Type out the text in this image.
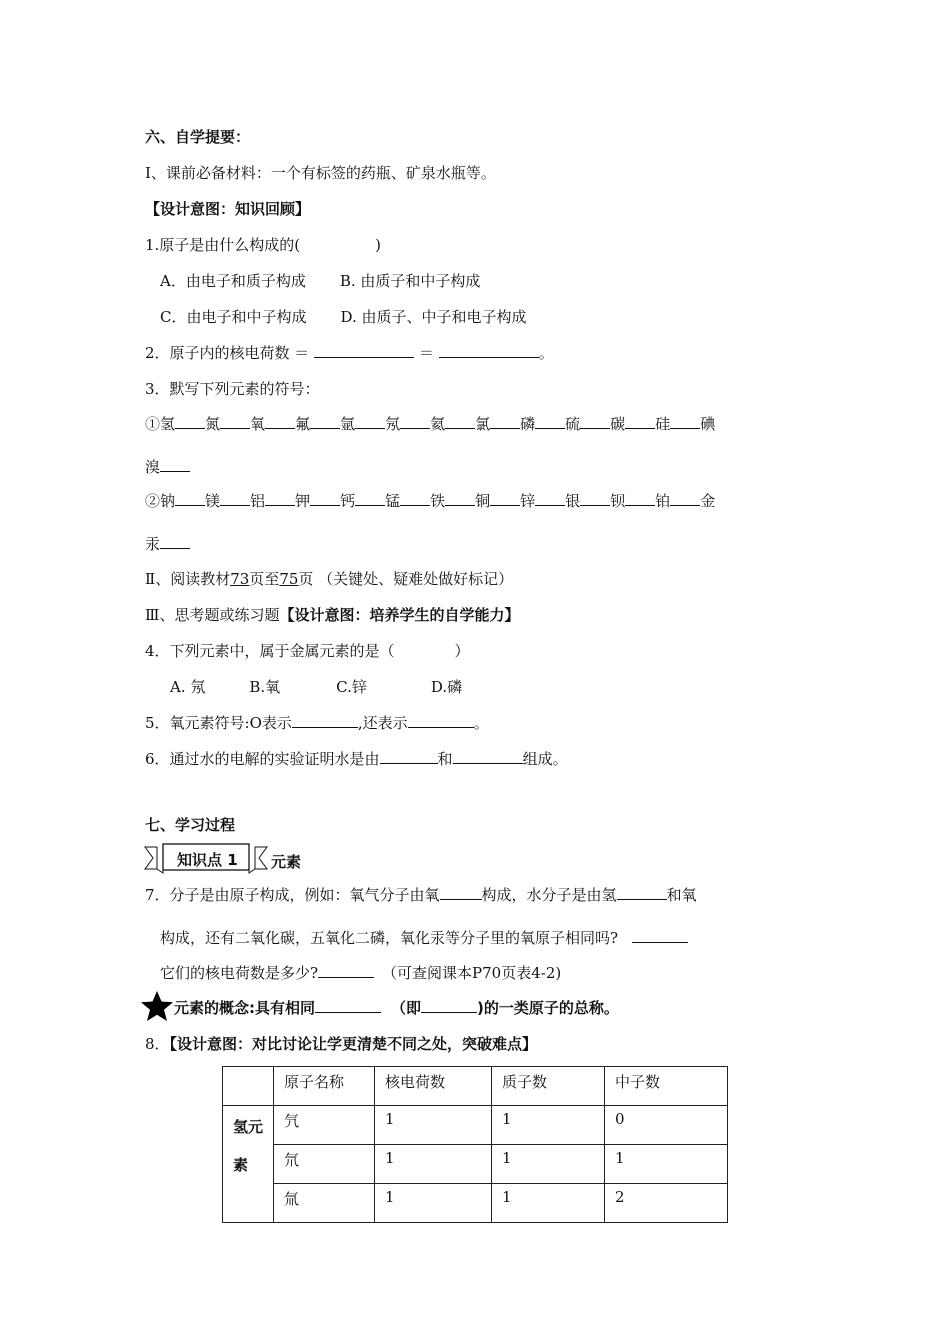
六、自学提要：
Ⅰ、课前必备材料：一个有标签的药瓶、矿泉水瓶等。
【设计意图：知识回顾】
1.原子是由什么构成的(　　　　　)
A．由电子和质子构成 B. 由质子和中子构成
C．由电子和中子构成 D. 由质子、中子和电子构成
2．原子内的核电荷数 ＝	＝	。
3．默写下列元素的符号：
①氢 氮 氧 氟 氩 氖 氦 氯 磷 硫 碳 硅 碘
溴
②钠 镁 铝 钾 钙 锰 铁 铜 锌 银 钡 铂 金
汞
Ⅱ、阅读教材73页至75页 （关键处、疑难处做好标记）
Ⅲ、思考题或练习题【设计意图：培养学生的自学能力】
4．下列元素中，属于金属元素的是（　　　　）
A. 氖	B.氧	C.锌	D.磷
5．氧元素符号:O表示	,还表示	。
6．通过水的电解的实验证明水是由	和	组成。
七、学习过程
知识点 1 元素
7．分子是由原子构成，例如：氧气分子由氧	构成，水分子是由氢	和氧
构成，还有二氧化碳，五氧化二磷，氧化汞等分子里的氧原子相同吗?
它们的核电荷数是多少?	（可查阅课本P70页表4-2)
元素的概念:具有相同	（即	)的一类原子的总称。
8．【设计意图：对比讨论让学更清楚不同之处，突破难点】
	原子名称	核电荷数	质子数	中子数
氢元素	氕	1	1	0
	氘	1	1	1
	氚	1	1	2
